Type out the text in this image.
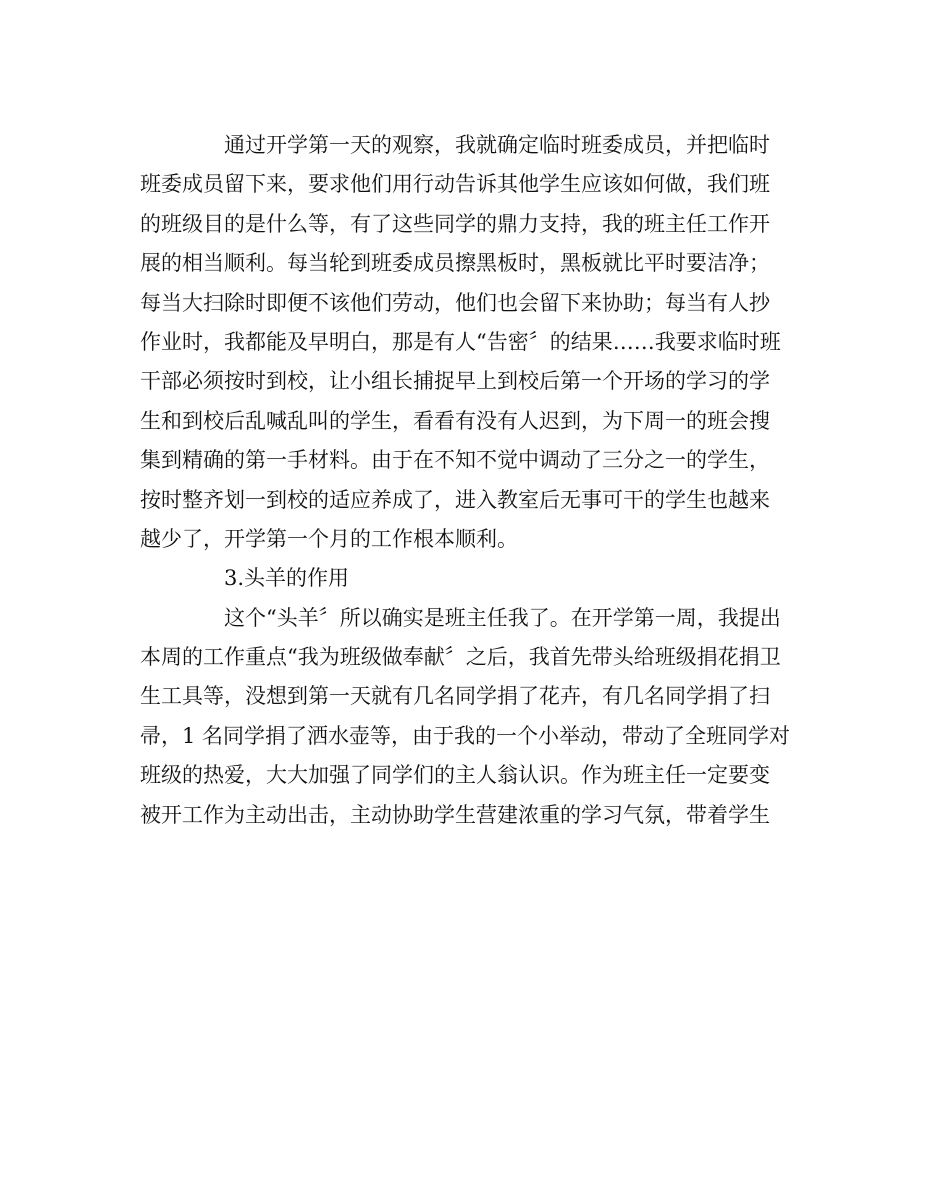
通过开学第一天的观察，我就确定临时班委成员，并把临时
班委成员留下来，要求他们用行动告诉其他学生应该如何做，我们班
的班级目的是什么等，有了这些同学的鼎力支持，我的班主任工作开
展的相当顺利。每当轮到班委成员擦黑板时，黑板就比平时要洁净；
每当大扫除时即便不该他们劳动，他们也会留下来协助；每当有人抄
作业时，我都能及早明白，那是有人“告密〞的结果……我要求临时班
干部必须按时到校，让小组长捕捉早上到校后第一个开场的学习的学
生和到校后乱喊乱叫的学生，看看有没有人迟到，为下周一的班会搜
集到精确的第一手材料。由于在不知不觉中调动了三分之一的学生，
按时整齐划一到校的适应养成了，进入教室后无事可干的学生也越来
越少了，开学第一个月的工作根本顺利。
3.头羊的作用
这个“头羊〞所以确实是班主任我了。在开学第一周，我提出
本周的工作重点“我为班级做奉献〞之后，我首先带头给班级捐花捐卫
生工具等，没想到第一天就有几名同学捐了花卉，有几名同学捐了扫
帚，1 名同学捐了洒水壶等，由于我的一个小举动，带动了全班同学对
班级的热爱，大大加强了同学们的主人翁认识。作为班主任一定要变
被开工作为主动出击，主动协助学生营建浓重的学习气氛，带着学生
